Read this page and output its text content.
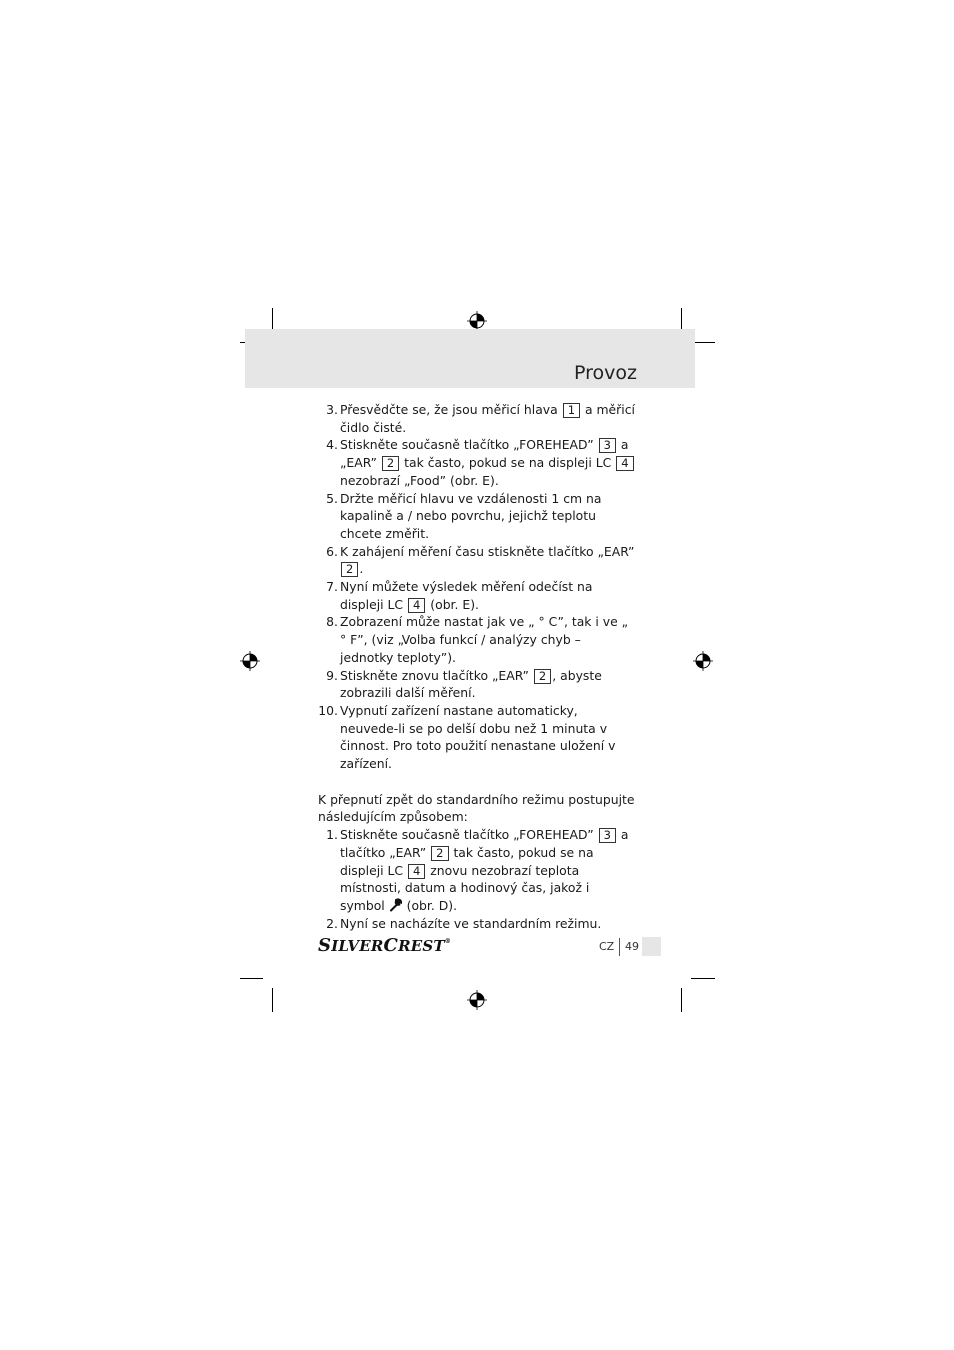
Provoz
3. Přesvědčte se, že jsou měřicí hlava 1 a měřicí čidlo čisté.
4. Stiskněte současně tlačítko „FOREHEAD” 3 a „EAR” 2 tak často, pokud se na displeji LC 4 nezobrazí „Food” (obr. E).
5. Držte měřicí hlavu ve vzdálenosti 1 cm na kapalině a / nebo povrchu, jejichž teplotu chcete změřit.
6. K zahájení měření času stiskněte tlačítko „EAR” 2 .
7. Nyní můžete výsledek měření odečíst na displeji LC 4 (obr. E).
8. Zobrazení může nastat jak ve „ ° C”, tak i ve „ ° F”, (viz „Volba funkcí / analýzy chyb – jednotky teploty”).
9. Stiskněte znovu tlačítko „EAR” 2 , abyste zobrazili další měření.
10. Vypnutí zařízení nastane automaticky, neuvede-li se po delší dobu než 1 minuta v činnost. Pro toto použití nenastane uložení v zařízení.
K přepnutí zpět do standardního režimu postupujte následujícím způsobem:
1. Stiskněte současně tlačítko „FOREHEAD” 3 a tlačítko „EAR” 2 tak často, pokud se na displeji LC 4 znovu nezobrazí teplota místnosti, datum a hodinový čas, jakož i symbol  (obr. D).
2. Nyní se nacházíte ve standardním režimu.
SILVERCREST®	CZ 49
